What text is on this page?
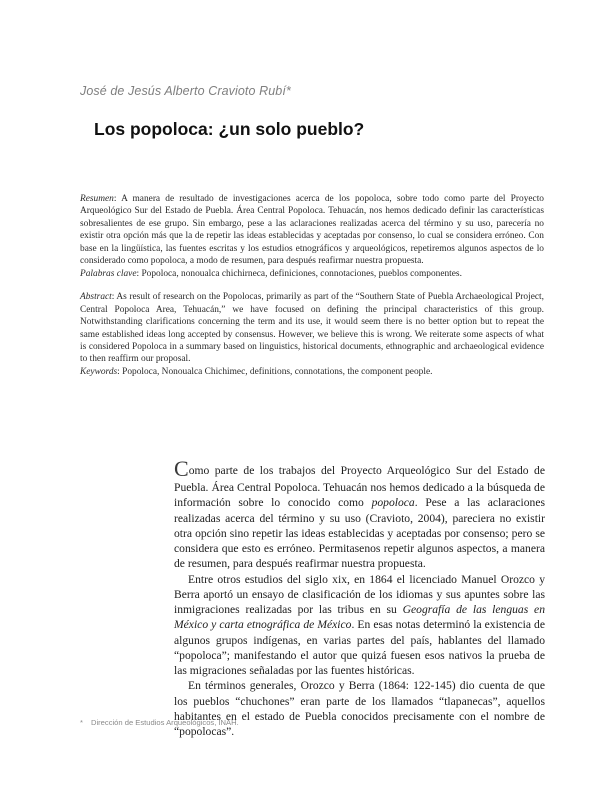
José de Jesús Alberto Cravioto Rubí*
Los popoloca: ¿un solo pueblo?

Resumen: A manera de resultado de investigaciones acerca de los popoloca, sobre todo como parte del Proyecto Arqueológico Sur del Estado de Puebla. Área Central Popoloca. Tehuacán, nos hemos dedicado definir las características sobresalientes de ese grupo. Sin embargo, pese a las aclaraciones realizadas acerca del término y su uso, parecería no existir otra opción más que la de repetir las ideas establecidas y aceptadas por consenso, lo cual se considera erróneo. Con base en la lingüística, las fuentes escritas y los estudios etnográficos y arqueológicos, repetiremos algunos aspectos de lo considerado como popoloca, a modo de resumen, para después reafirmar nuestra propuesta.

Palabras clave: Popoloca, nonoualca chichirneca, definiciones, connotaciones, pueblos componentes.

Abstract: As result of research on the Popolocas, primarily as part of the “Southern State of Puebla Archaeological Project, Central Popoloca Area, Tehuacán,” we have focused on defining the principal characteristics of this group. Notwithstanding clarifications concerning the term and its use, it would seem there is no better option but to repeat the same established ideas long accepted by consensus. However, we believe this is wrong. We reiterate some aspects of what is considered Popoloca in a summary based on linguistics, historical documents, ethnographic and archaeological evidence to then reaffirm our proposal.

Keywords: Popoloca, Nonoualca Chichimec, definitions, connotations, the component people.

Como parte de los trabajos del Proyecto Arqueológico Sur del Estado de Puebla. Área Central Popoloca. Tehuacán nos hemos dedicado a la búsqueda de información sobre lo conocido como popoloca. Pese a las aclaraciones realizadas acerca del término y su uso (Cravioto, 2004), pareciera no existir otra opción sino repetir las ideas establecidas y aceptadas por consenso; pero se considera que esto es erróneo. Permitasenos repetir algunos aspectos, a manera de resumen, para después reafirmar nuestra propuesta.

Entre otros estudios del siglo xix, en 1864 el licenciado Manuel Orozco y Berra aportó un ensayo de clasificación de los idiomas y sus apuntes sobre las inmigraciones realizadas por las tribus en su Geografía de las lenguas en México y carta etnográfica de México. En esas notas determinó la existencia de algunos grupos indígenas, en varias partes del país, hablantes del llamado “popoloca”; manifestando el autor que quizá fuesen esos nativos la prueba de las migraciones señaladas por las fuentes históricas.

En términos generales, Orozco y Berra (1864: 122-145) dio cuenta de que los pueblos “chuchones” eran parte de los llamados “tlapanecas”, aquellos habitantes en el estado de Puebla conocidos precisamente con el nombre de “popolocas”.

* Dirección de Estudios Arqueológicos, INAH.
